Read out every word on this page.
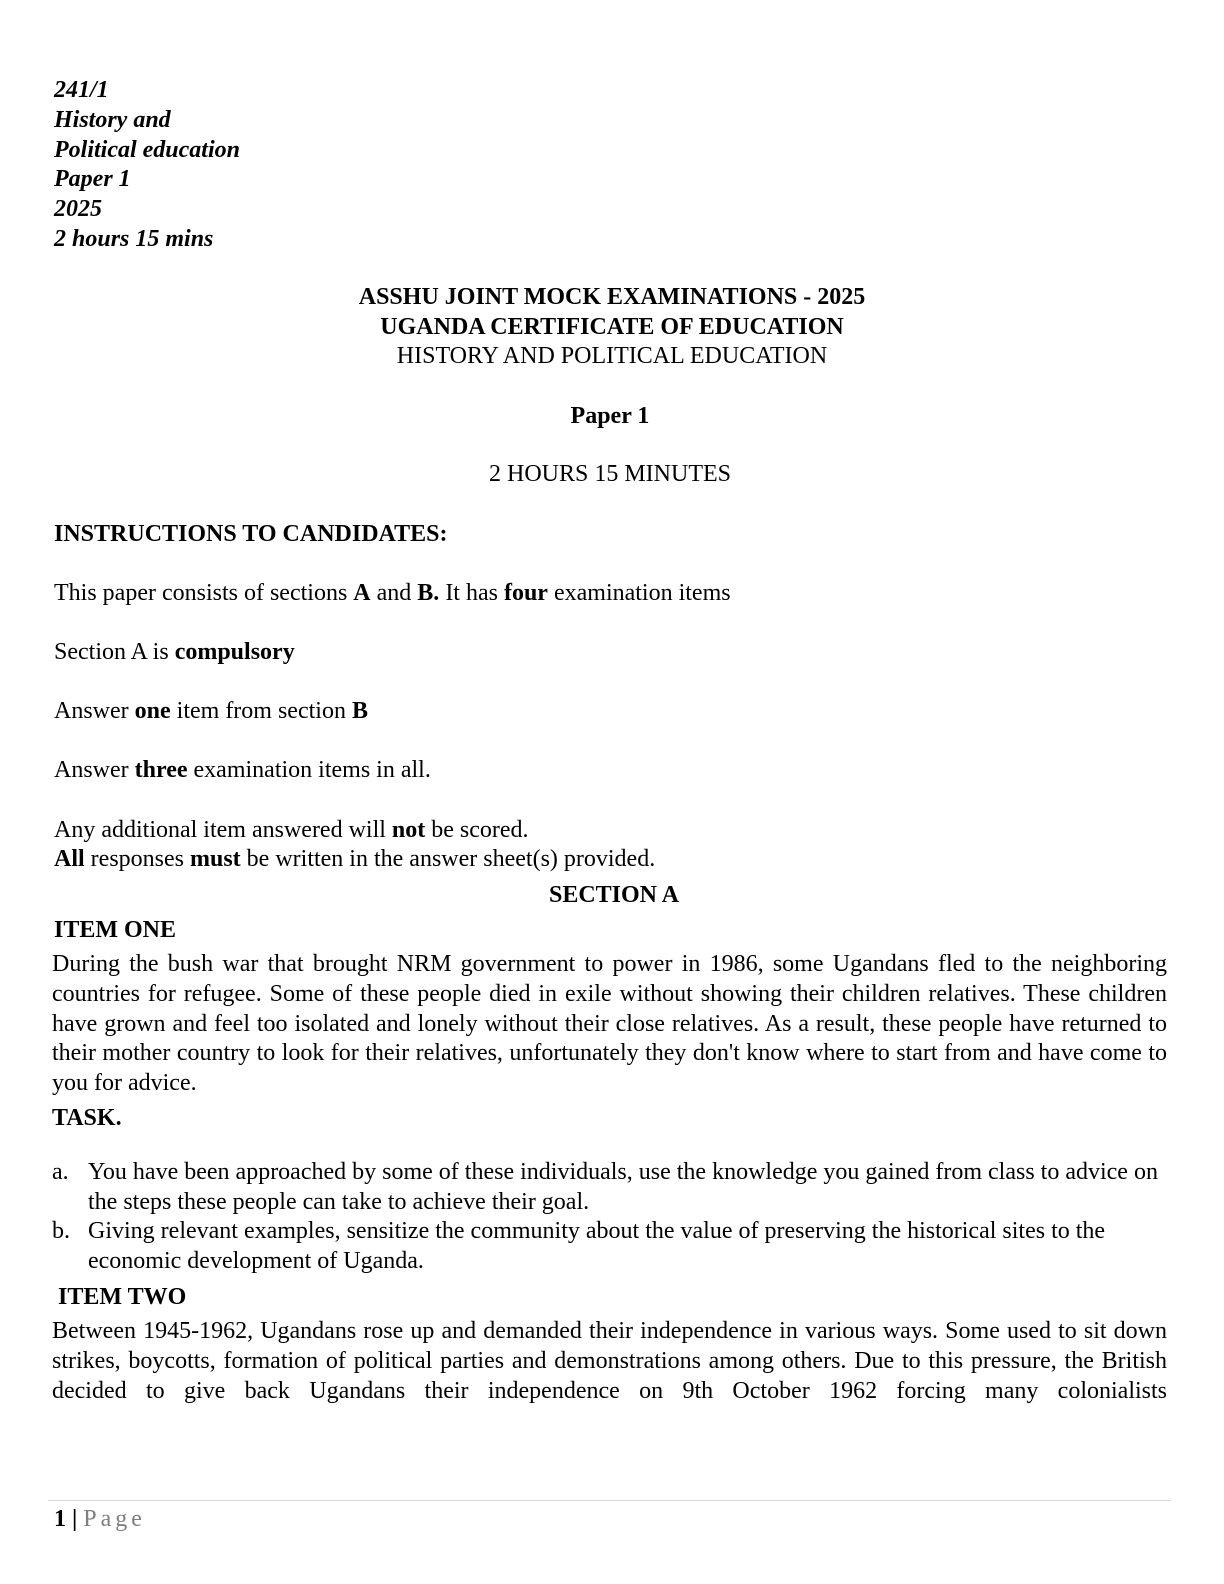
241/1
History and
Political education
Paper 1
2025
2 hours 15 mins
ASSHU JOINT MOCK EXAMINATIONS - 2025
UGANDA CERTIFICATE OF EDUCATION
HISTORY AND POLITICAL EDUCATION
Paper 1
2 HOURS 15 MINUTES
INSTRUCTIONS TO CANDIDATES:
This paper consists of sections A and B. It has four examination items
Section A is compulsory
Answer one item from section B
Answer three examination items in all.
Any additional item answered will not be scored.
All responses must be written in the answer sheet(s) provided.
SECTION A
ITEM ONE
During the bush war that brought NRM government to power in 1986, some Ugandans fled to the neighboring countries for refugee. Some of these people died in exile without showing their children relatives. These children have grown and feel too isolated and lonely without their close relatives. As a result, these people have returned to their mother country to look for their relatives, unfortunately they don't know where to start from and have come to you for advice.
TASK.
a. You have been approached by some of these individuals, use the knowledge you gained from class to advice on the steps these people can take to achieve their goal.
b. Giving relevant examples, sensitize the community about the value of preserving the historical sites to the economic development of Uganda.
ITEM TWO
Between 1945-1962, Ugandans rose up and demanded their independence in various ways. Some used to sit down strikes, boycotts, formation of political parties and demonstrations among others. Due to this pressure, the British decided to give back Ugandans their independence on 9th October 1962 forcing many colonialists
1 | Page
